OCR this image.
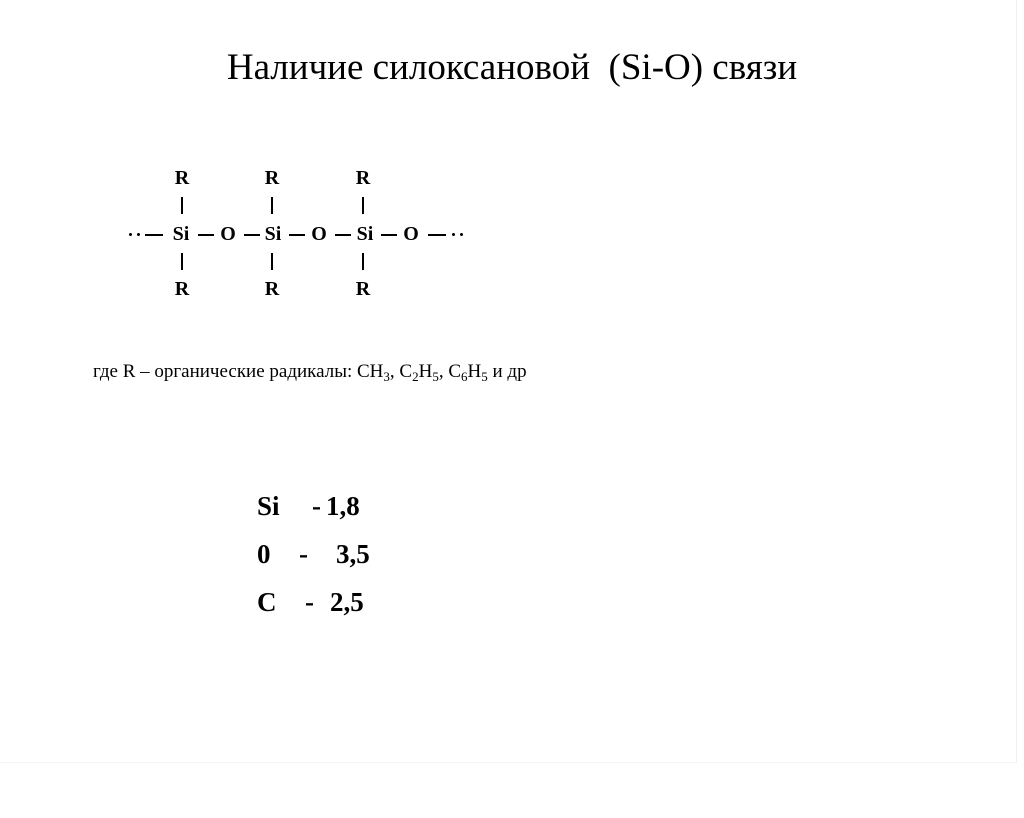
Наличие силоксановой  (Si-O) связи
R
Si
R
O
R
Si
R
O
R
Si
R
O
где R – органические радикалы: $CH_3$, $C_2H_5$, $C_6H_5$ и др

Si

-

1,8

0

-

3,5

C

-

2,5
